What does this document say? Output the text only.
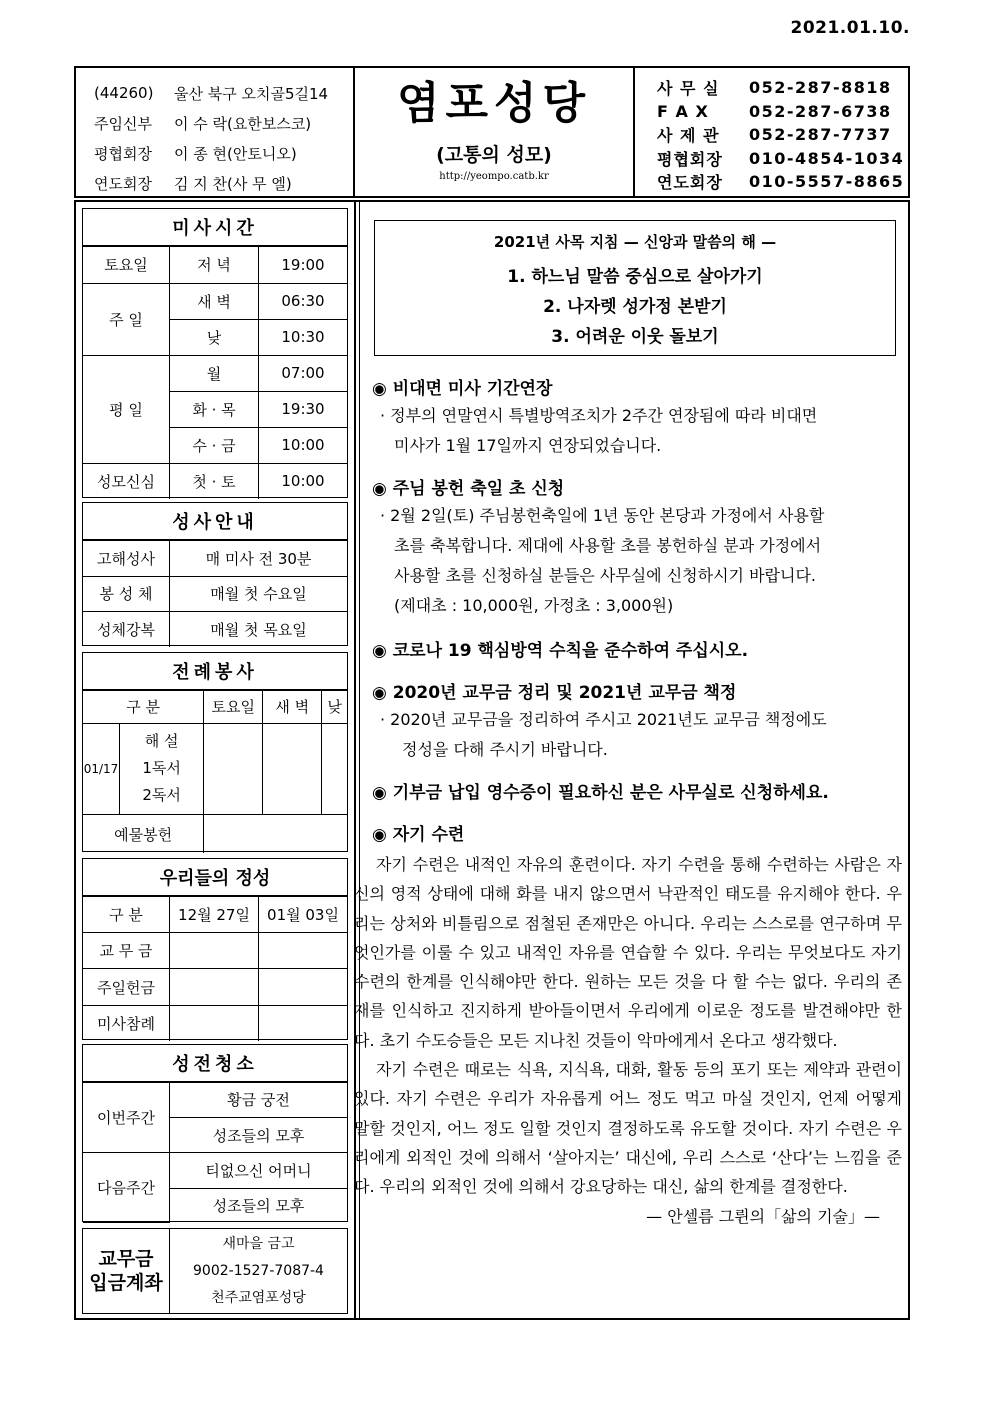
2021.01.10.
(44260)	울산 북구 오치골5길14
주임신부	이 수 락(요한보스코)
평협회장	이 종 현(안토니오)
연도회장	김 지 찬(사 무 엘)
염포성당
(고통의 성모)
http://yeompo.catb.kr
사 무 실	052-287-8818
F A X	052-287-6738
사 제 관	052-287-7737
평협회장	010-4854-1034
연도회장	010-5557-8865
미사시간
토요일	저 녁	19:00
주 일	새 벽	06:30
	낮	10:30
평 일	월	07:00
	화 · 목	19:30
	수 · 금	10:00
성모신심	첫 · 토	10:00
성사안내
고해성사	매 미사 전 30분
봉 성 체	매월 첫 수요일
성체강복	매월 첫 목요일
전례봉사
구 분		토요일	새 벽	낮
01/17	해 설
1독서
2독서			

예물봉헌				
우리들의 정성
구 분	12월 27일	01월 03일
교 무 금		
주일헌금		
미사참례		
성전청소
이번주간	황금 궁전
	성조들의 모후
다음주간	티없으신 어머니
	성조들의 모후
교무금
입금계좌

새마을 금고
9002-1527-7087-4
천주교염포성당
2021년 사목 지침 — 신앙과 말씀의 해 —
1. 하느님 말씀 중심으로 살아가기
2. 나자렛 성가정 본받기
3. 어려운 이웃 돌보기
◉ 비대면 미사 기간연장
· 정부의 연말연시 특별방역조치가 2주간 연장됨에 따라 비대면
미사가 1월 17일까지 연장되었습니다.
◉ 주님 봉헌 축일 초 신청
· 2월 2일(토) 주님봉헌축일에 1년 동안 본당과 가정에서 사용할
초를 축복합니다. 제대에 사용할 초를 봉헌하실 분과 가정에서
사용할 초를 신청하실 분들은 사무실에 신청하시기 바랍니다.
(제대초 : 10,000원, 가정초 : 3,000원)
◉ 코로나 19 핵심방역 수칙을 준수하여 주십시오.
◉ 2020년 교무금 정리 및 2021년 교무금 책정
· 2020년 교무금을 정리하여 주시고 2021년도 교무금 책정에도
정성을 다해 주시기 바랍니다.
◉ 기부금 납입 영수증이 필요하신 분은 사무실로 신청하세요.
◉ 자기 수련
자기 수련은 내적인 자유의 훈련이다. 자기 수련을 통해 수련하는 사람은 자신의 영적 상태에 대해 화를 내지 않으면서 낙관적인 태도를 유지해야 한다. 우리는 상처와 비틀림으로 점철된 존재만은 아니다. 우리는 스스로를 연구하며 무엇인가를 이룰 수 있고 내적인 자유를 연습할 수 있다. 우리는 무엇보다도 자기 수련의 한계를 인식해야만 한다. 원하는 모든 것을 다 할 수는 없다. 우리의 존재를 인식하고 진지하게 받아들이면서 우리에게 이로운 정도를 발견해야만 한다. 초기 수도승들은 모든 지나친 것들이 악마에게서 온다고 생각했다.
자기 수련은 때로는 식욕, 지식욕, 대화, 활동 등의 포기 또는 제약과 관련이 있다. 자기 수련은 우리가 자유롭게 어느 정도 먹고 마실 것인지, 언제 어떻게 말할 것인지, 어느 정도 일할 것인지 결정하도록 유도할 것이다. 자기 수련은 우리에게 외적인 것에 의해서 ‘살아지는’ 대신에, 우리 스스로 ‘산다’는 느낌을 준다. 우리의 외적인 것에 의해서 강요당하는 대신, 삶의 한계를 결정한다.
— 안셀름 그륀의「삶의 기술」—
